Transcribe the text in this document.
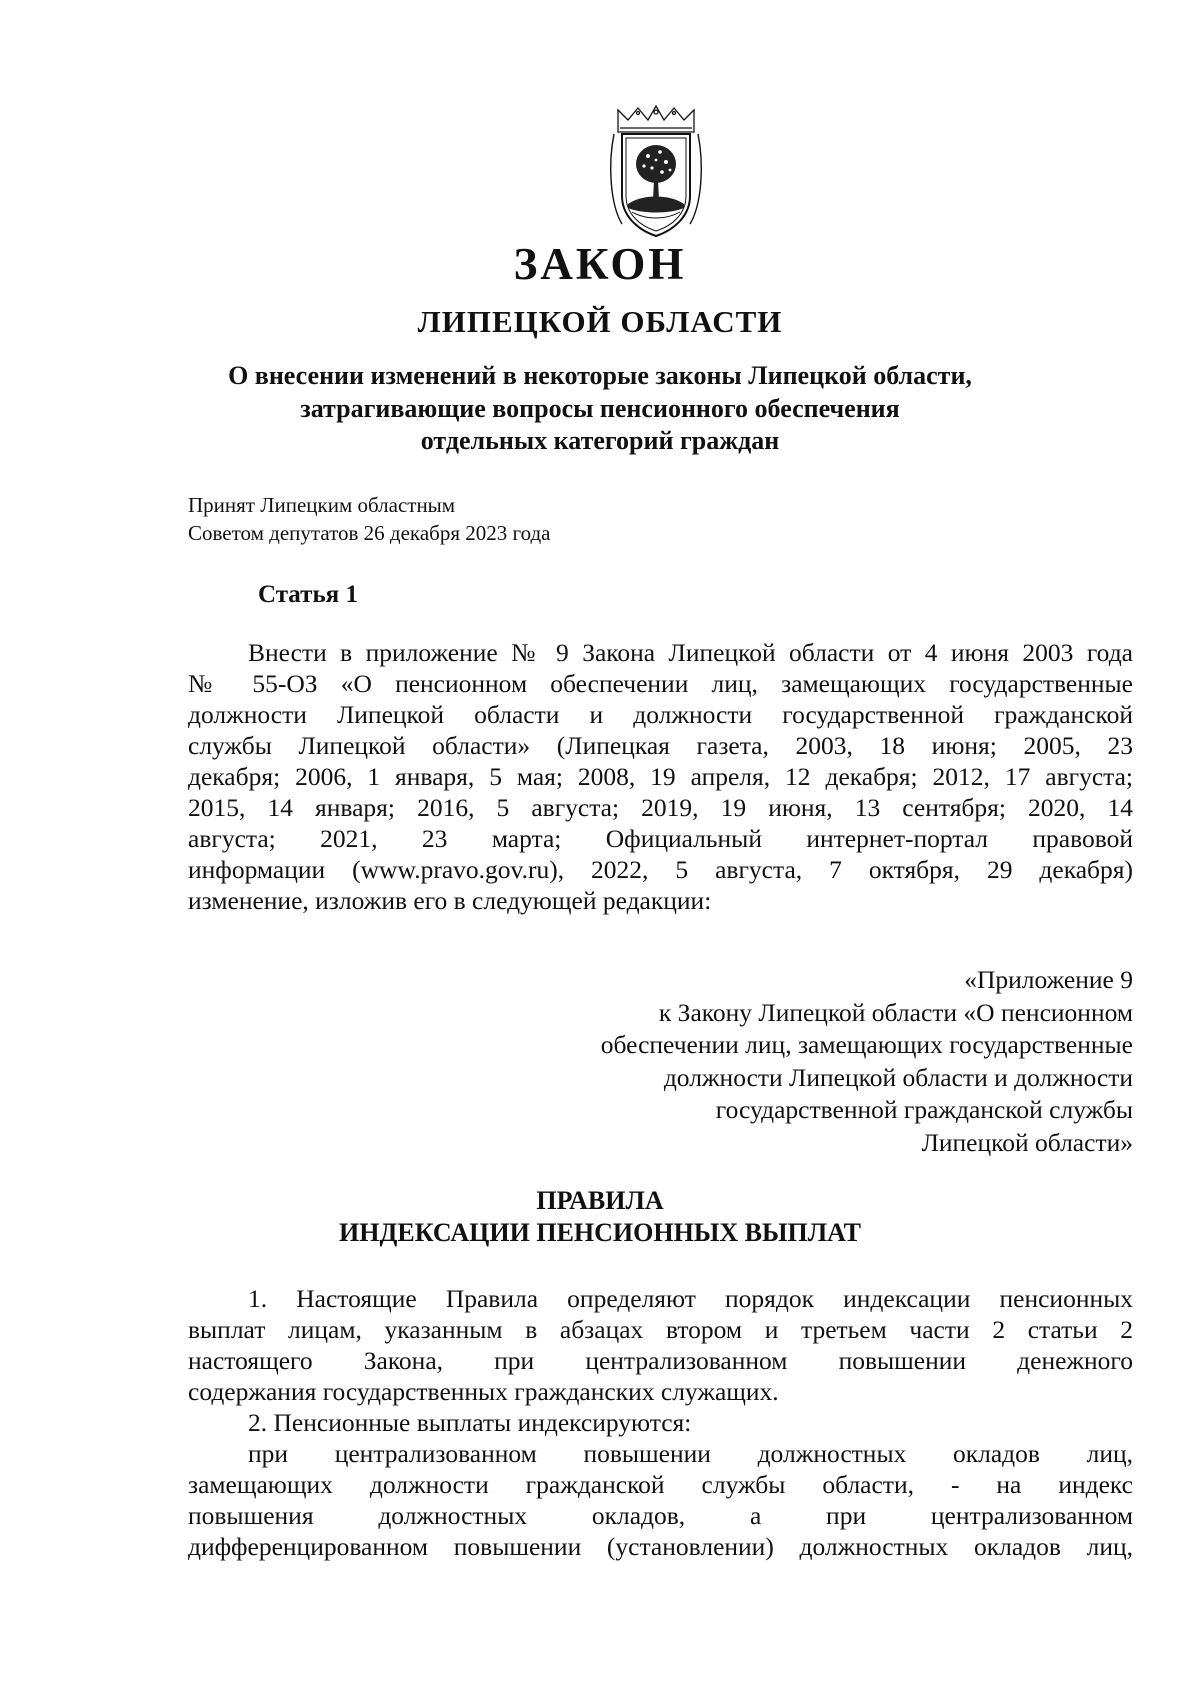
ЗАКОН
ЛИПЕЦКОЙ ОБЛАСТИ
О внесении изменений в некоторые законы Липецкой области,
затрагивающие вопросы пенсионного обеспечения
отдельных категорий граждан
Принят Липецким областным
Советом депутатов 26 декабря 2023 года
Статья 1
Внести в приложение № 9 Закона Липецкой области от 4 июня 2003 года
№ 55-ОЗ «О пенсионном обеспечении лиц, замещающих государственные
должности Липецкой области и должности государственной гражданской
службы Липецкой области» (Липецкая газета, 2003, 18 июня; 2005, 23
декабря; 2006, 1 января, 5 мая; 2008, 19 апреля, 12 декабря; 2012, 17 августа;
2015, 14 января; 2016, 5 августа; 2019, 19 июня, 13 сентября; 2020, 14
августа; 2021, 23 марта; Официальный интернет-портал правовой
информации (www.pravo.gov.ru), 2022, 5 августа, 7 октября, 29 декабря)
изменение, изложив его в следующей редакции:
«Приложение 9
к Закону Липецкой области «О пенсионном
обеспечении лиц, замещающих государственные
должности Липецкой области и должности
государственной гражданской службы
Липецкой области»
ПРАВИЛА
ИНДЕКСАЦИИ ПЕНСИОННЫХ ВЫПЛАТ
1. Настоящие Правила определяют порядок индексации пенсионных
выплат лицам, указанным в абзацах втором и третьем части 2 статьи 2
настоящего Закона, при централизованном повышении денежного
содержания государственных гражданских служащих.
2. Пенсионные выплаты индексируются:
при централизованном повышении должностных окладов лиц,
замещающих должности гражданской службы области, - на индекс
повышения должностных окладов, а при централизованном
дифференцированном повышении (установлении) должностных окладов лиц,
